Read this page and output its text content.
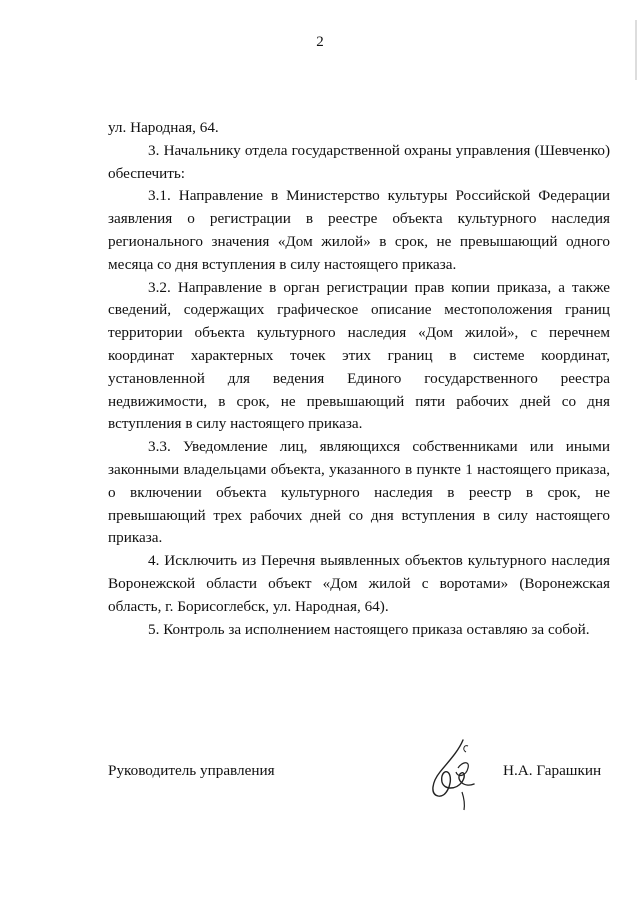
2

ул. Народная, 64.

3. Начальнику отдела государственной охраны управления (Шевченко) обеспечить:

3.1. Направление в Министерство культуры Российской Федерации заявления о регистрации в реестре объекта культурного наследия регионального значения «Дом жилой» в срок, не превышающий одного месяца со дня вступления в силу настоящего приказа.

3.2. Направление в орган регистрации прав копии приказа, а также сведений, содержащих графическое описание местоположения границ территории объекта культурного наследия «Дом жилой», с перечнем координат характерных точек этих границ в системе координат, установленной для ведения Единого государственного реестра недвижимости, в срок, не превышающий пяти рабочих дней со дня вступления в силу настоящего приказа.

3.3. Уведомление лиц, являющихся собственниками или иными законными владельцами объекта, указанного в пункте 1 настоящего приказа, о включении объекта культурного наследия в реестр в срок, не превышающий трех рабочих дней со дня вступления в силу настоящего приказа.

4. Исключить из Перечня выявленных объектов культурного наследия Воронежской области объект «Дом жилой с воротами» (Воронежская область, г. Борисоглебск, ул. Народная, 64).

5. Контроль за исполнением настоящего приказа оставляю за собой.

Руководитель управления	Н.А. Гарашкин
